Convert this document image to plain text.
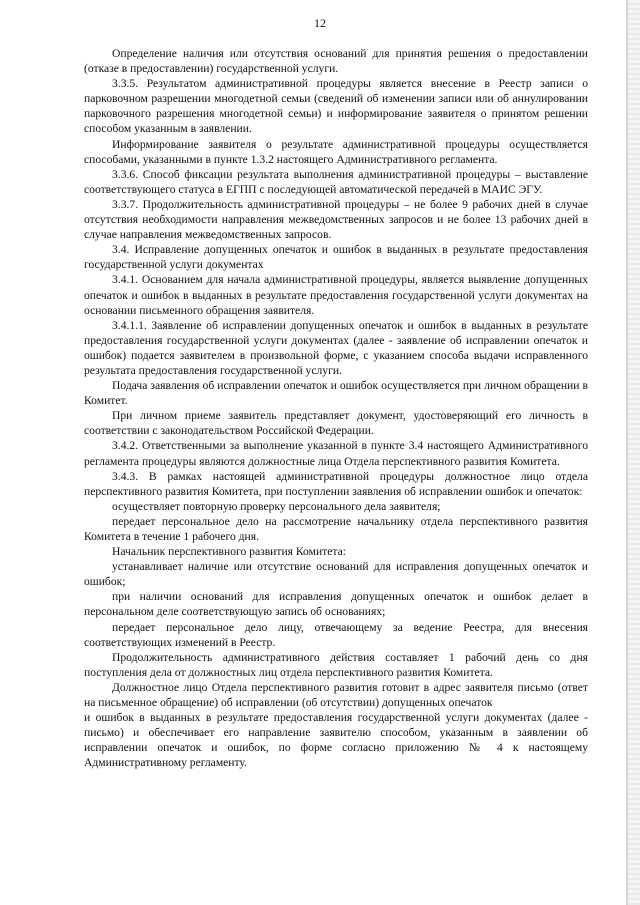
12

Определение наличия или отсутствия оснований для принятия решения о предоставлении (отказе в предоставлении) государственной услуги.

3.3.5. Результатом административной процедуры является внесение в Реестр записи о парковочном разрешении многодетной семьи (сведений об изменении записи или об аннулировании парковочного разрешения многодетной семьи) и информирование заявителя о принятом решении способом указанным в заявлении.

Информирование заявителя о результате административной процедуры осуществляется способами, указанными в пункте 1.3.2 настоящего Административного регламента.

3.3.6. Способ фиксации результата выполнения административной процедуры – выставление соответствующего статуса в ЕГПП с последующей автоматической передачей в МАИС ЭГУ.

3.3.7. Продолжительность административной процедуры – не более 9 рабочих дней в случае отсутствия необходимости направления межведомственных запросов и не более 13 рабочих дней в случае направления межведомственных запросов.

3.4. Исправление допущенных опечаток и ошибок в выданных в результате предоставления государственной услуги документах

3.4.1. Основанием для начала административной процедуры, является выявление допущенных опечаток и ошибок в выданных в результате предоставления государственной услуги документах на основании письменного обращения заявителя.

3.4.1.1. Заявление об исправлении допущенных опечаток и ошибок в выданных в результате предоставления государственной услуги документах (далее - заявление об исправлении опечаток и ошибок) подается заявителем в произвольной форме, с указанием способа выдачи исправленного результата предоставления государственной услуги.

Подача заявления об исправлении опечаток и ошибок осуществляется при личном обращении в Комитет.

При личном приеме заявитель представляет документ, удостоверяющий его личность в соответствии с законодательством Российской Федерации.

3.4.2. Ответственными за выполнение указанной в пункте 3.4 настоящего Административного регламента процедуры являются должностные лица Отдела перспективного развития Комитета.

3.4.3. В рамках настоящей административной процедуры должностное лицо отдела перспективного развития Комитета, при поступлении заявления об исправлении ошибок и опечаток:

осуществляет повторную проверку персонального дела заявителя;

передает персональное дело на рассмотрение начальнику отдела перспективного развития Комитета в течение 1 рабочего дня.

Начальник перспективного развития Комитета:

устанавливает наличие или отсутствие оснований для исправления допущенных опечаток и ошибок;

при наличии оснований для исправления допущенных опечаток и ошибок делает в персональном деле соответствующую запись об основаниях;

передает персональное дело лицу, отвечающему за ведение Реестра, для внесения соответствующих изменений в Реестр.

Продолжительность административного действия составляет 1 рабочий день со дня поступления дела от должностных лиц отдела перспективного развития Комитета.

Должностное лицо Отдела перспективного развития готовит в адрес заявителя письмо (ответ на письменное обращение) об исправлении (об отсутствии) допущенных опечаток

и ошибок в выданных в результате предоставления государственной услуги документах (далее - письмо) и обеспечивает его направление заявителю способом, указанным в заявлении об исправлении опечаток и ошибок, по форме согласно приложению № 4 к настоящему Административному регламенту.
